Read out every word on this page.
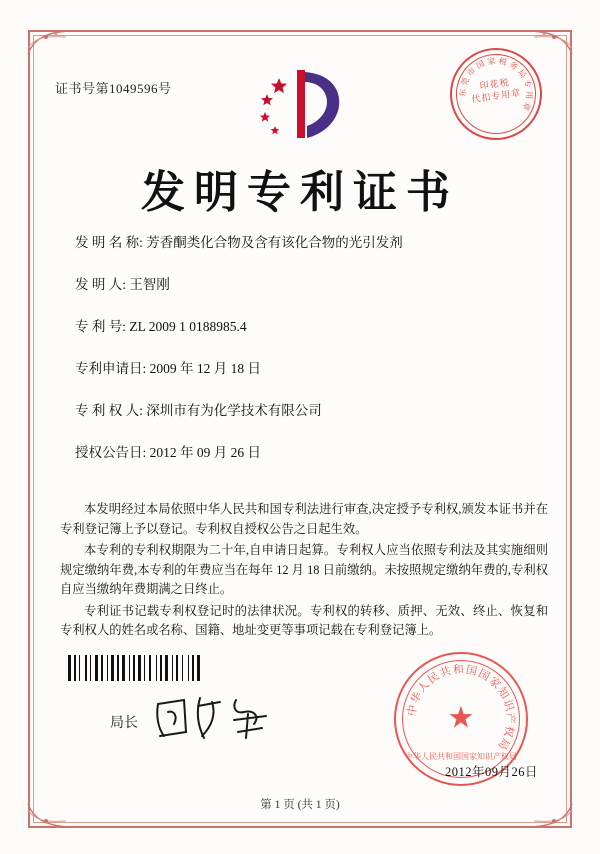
证书号第1049596号	印花税
代扣专用章
东
莞
市
国 家 税 务
局
专
用
章
发明专利证书
发 明 名 称: 芳香酮类化合物及含有该化合物的光引发剂
发 明 人: 王智刚
专 利 号: ZL 2009 1 0188985.4
专利申请日: 2009 年 12 月 18 日
专 利 权 人: 深圳市有为化学技术有限公司
授权公告日: 2012 年 09 月 26 日

本发明经过本局依照中华人民共和国专利法进行审查,决定授予专利权,颁发本证书并在专利登记簿上予以登记。专利权自授权公告之日起生效。

本专利的专利权期限为二十年,自申请日起算。专利权人应当依照专利法及其实施细则规定缴纳年费,本专利的年费应当在每年 12 月 18 日前缴纳。未按照规定缴纳年费的,专利权自应当缴纳年费期满之日终止。

专利证书记载专利权登记时的法律状况。专利权的转移、质押、无效、终止、恢复和专利权人的姓名或名称、国籍、地址变更等事项记载在专利登记簿上。

局长	★
中
华
人
民
共 和 国
国
家
知
识
产
权
局
中华人民共和国国家知识产权局
2012年09月26日
第 1 页 (共 1 页)
